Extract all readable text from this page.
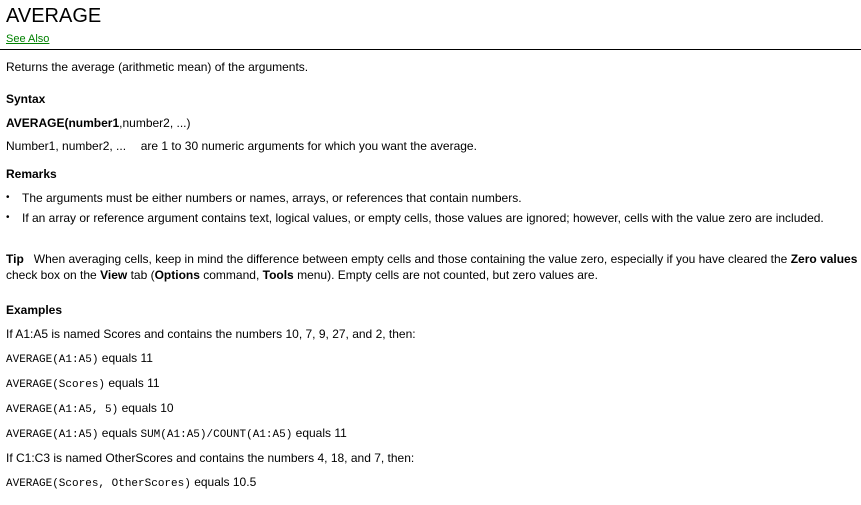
AVERAGE
See Also
Returns the average (arithmetic mean) of the arguments.
Syntax
AVERAGE(number1,number2, ...)
Number1, number2, ... are 1 to 30 numeric arguments for which you want the average.
Remarks
• The arguments must be either numbers or names, arrays, or references that contain numbers.
• If an array or reference argument contains text, logical values, or empty cells, those values are ignored; however, cells with the value zero are included.
Tip When averaging cells, keep in mind the difference between empty cells and those containing the value zero, especially if you have cleared the Zero values check box on the View tab (Options command, Tools menu). Empty cells are not counted, but zero values are.
Examples
If A1:A5 is named Scores and contains the numbers 10, 7, 9, 27, and 2, then:
AVERAGE(A1:A5) equals 11
AVERAGE(Scores) equals 11
AVERAGE(A1:A5, 5) equals 10
AVERAGE(A1:A5) equals SUM(A1:A5)/COUNT(A1:A5) equals 11
If C1:C3 is named OtherScores and contains the numbers 4, 18, and 7, then:
AVERAGE(Scores, OtherScores) equals 10.5
